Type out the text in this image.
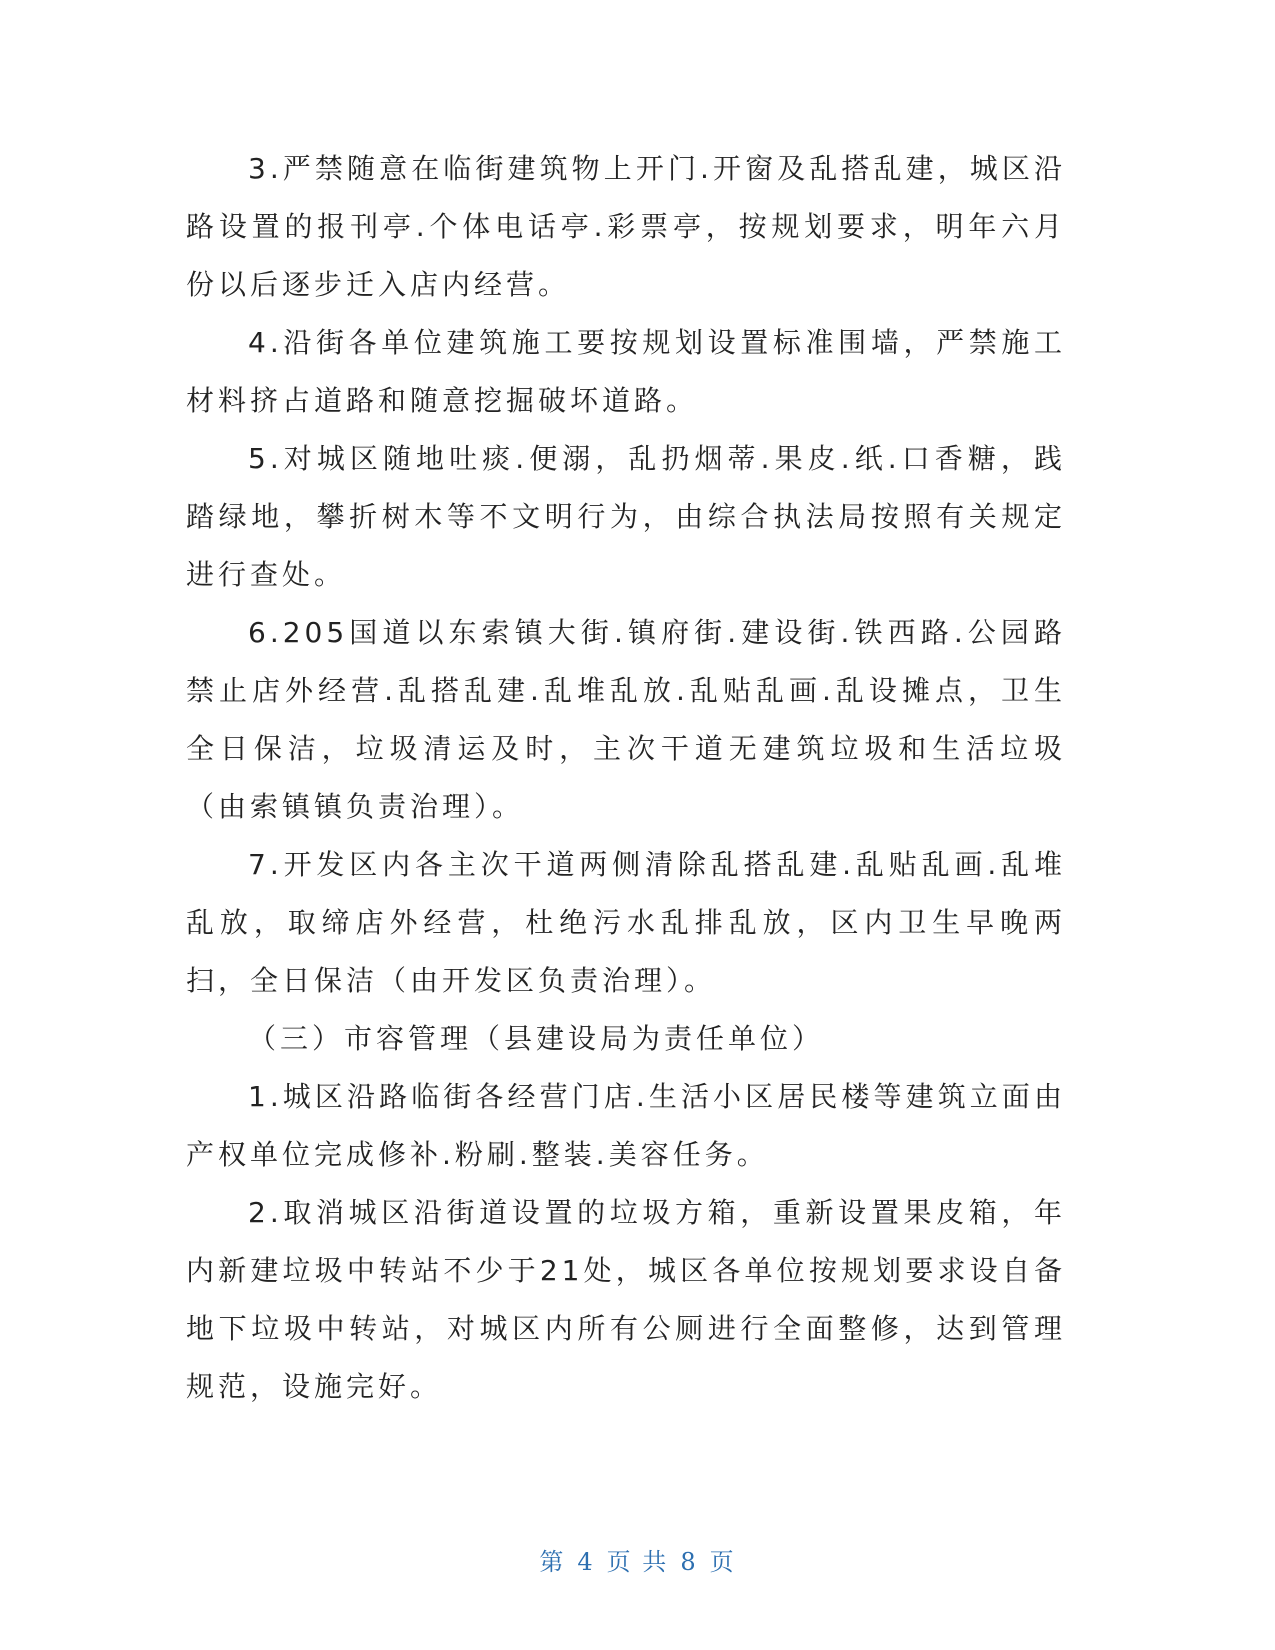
3.严禁随意在临街建筑物上开门.开窗及乱搭乱建，城区沿路设置的报刊亭.个体电话亭.彩票亭，按规划要求，明年六月份以后逐步迁入店内经营。

4.沿街各单位建筑施工要按规划设置标准围墙，严禁施工材料挤占道路和随意挖掘破坏道路。

5.对城区随地吐痰.便溺，乱扔烟蒂.果皮.纸.口香糖，践踏绿地，攀折树木等不文明行为，由综合执法局按照有关规定进行查处。

6.205国道以东索镇大街.镇府街.建设街.铁西路.公园路禁止店外经营.乱搭乱建.乱堆乱放.乱贴乱画.乱设摊点，卫生全日保洁，垃圾清运及时，主次干道无建筑垃圾和生活垃圾（由索镇镇负责治理）。

7.开发区内各主次干道两侧清除乱搭乱建.乱贴乱画.乱堆乱放，取缔店外经营，杜绝污水乱排乱放，区内卫生早晚两扫，全日保洁（由开发区负责治理）。

（三）市容管理（县建设局为责任单位）

1.城区沿路临街各经营门店.生活小区居民楼等建筑立面由产权单位完成修补.粉刷.整装.美容任务。

2.取消城区沿街道设置的垃圾方箱，重新设置果皮箱，年内新建垃圾中转站不少于21处，城区各单位按规划要求设自备地下垃圾中转站，对城区内所有公厕进行全面整修，达到管理规范，设施完好。

第 4 页 共 8 页
